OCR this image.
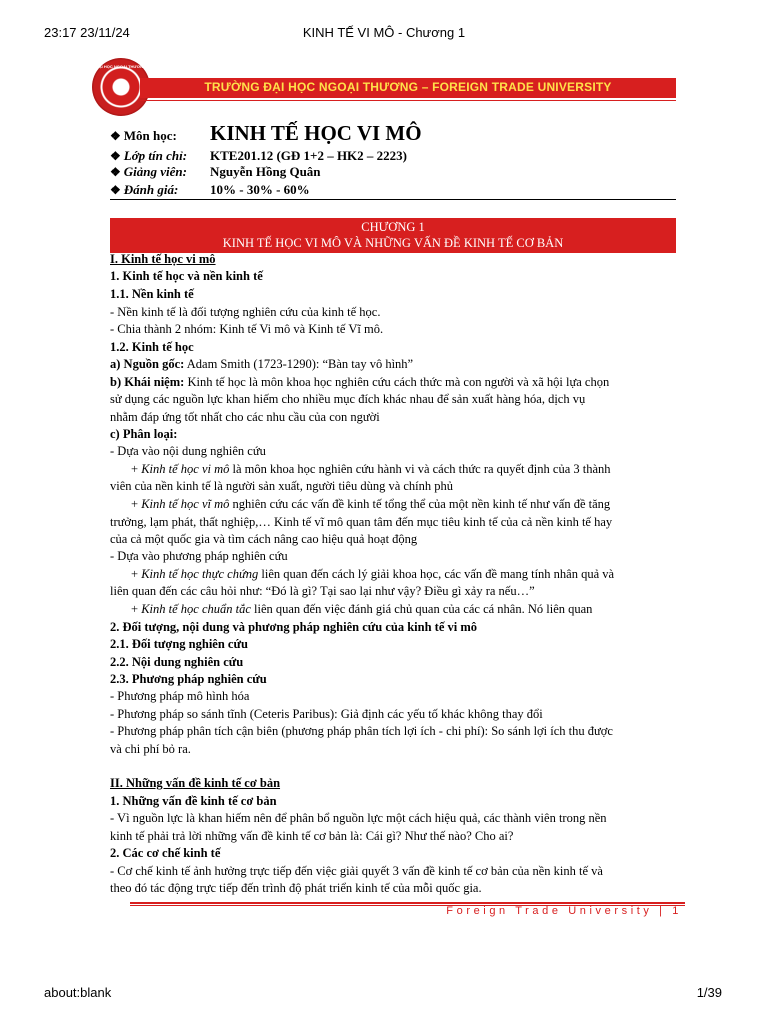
23:17 23/11/24	KINH TẾ VI MÔ - Chương 1
ĐẠI HỌC NGOẠI THƯƠNG
TRƯỜNG ĐẠI HỌC NGOẠI THƯƠNG – FOREIGN TRADE UNIVERSITY
❖ Môn học:	KINH TẾ HỌC VI MÔ
❖ Lớp tín chỉ:	KTE201.12 (GĐ 1+2 – HK2 – 2223)
❖ Giảng viên:	Nguyễn Hồng Quân
❖ Đánh giá:	10% - 30% - 60%
CHƯƠNG 1
KINH TẾ HỌC VI MÔ VÀ NHỮNG VẤN ĐỀ KINH TẾ CƠ BẢN
I. Kinh tế học vi mô
1. Kinh tế học và nền kinh tế
1.1. Nền kinh tế
- Nền kinh tế là đối tượng nghiên cứu của kinh tế học.
- Chia thành 2 nhóm: Kinh tế Vi mô và Kinh tế Vĩ mô.
1.2. Kinh tế học
a) Nguồn gốc: Adam Smith (1723-1290): “Bàn tay vô hình”
b) Khái niệm: Kinh tế học là môn khoa học nghiên cứu cách thức mà con người và xã hội lựa chọn
sử dụng các nguồn lực khan hiếm cho nhiều mục đích khác nhau để sản xuất hàng hóa, dịch vụ
nhằm đáp ứng tốt nhất cho các nhu cầu của con người
c) Phân loại:
- Dựa vào nội dung nghiên cứu
+ Kinh tế học vi mô là môn khoa học nghiên cứu hành vi và cách thức ra quyết định của 3 thành
viên của nền kinh tế là người sản xuất, người tiêu dùng và chính phủ
+ Kinh tế học vĩ mô nghiên cứu các vấn đề kinh tế tổng thể của một nền kinh tế như vấn đề tăng
trưởng, lạm phát, thất nghiệp,… Kinh tế vĩ mô quan tâm đến mục tiêu kinh tế của cả nền kinh tế hay
của cả một quốc gia và tìm cách nâng cao hiệu quả hoạt động
- Dựa vào phương pháp nghiên cứu
+ Kinh tế học thực chứng liên quan đến cách lý giải khoa học, các vấn đề mang tính nhân quả và
liên quan đến các câu hỏi như: “Đó là gì? Tại sao lại như vậy? Điều gì xảy ra nếu…”
+ Kinh tế học chuẩn tắc liên quan đến việc đánh giá chủ quan của các cá nhân. Nó liên quan
2. Đối tượng, nội dung và phương pháp nghiên cứu của kinh tế vi mô
2.1. Đối tượng nghiên cứu
2.2. Nội dung nghiên cứu
2.3. Phương pháp nghiên cứu
- Phương pháp mô hình hóa
- Phương pháp so sánh tĩnh (Ceteris Paribus): Giả định các yếu tố khác không thay đổi
- Phương pháp phân tích cận biên (phương pháp phân tích lợi ích - chi phí): So sánh lợi ích thu được
và chi phí bỏ ra.
II. Những vấn đề kinh tế cơ bản
1. Những vấn đề kinh tế cơ bản
- Vì nguồn lực là khan hiếm nên để phân bổ nguồn lực một cách hiệu quả, các thành viên trong nền
kinh tế phải trả lời những vấn đề kinh tế cơ bản là: Cái gì? Như thế nào? Cho ai?
2. Các cơ chế kinh tế
- Cơ chế kinh tế ảnh hưởng trực tiếp đến việc giải quyết 3 vấn đề kinh tế cơ bản của nền kinh tế và
theo đó tác động trực tiếp đến trình độ phát triển kinh tế của mỗi quốc gia.
Foreign Trade University | 1
about:blank	1/39
